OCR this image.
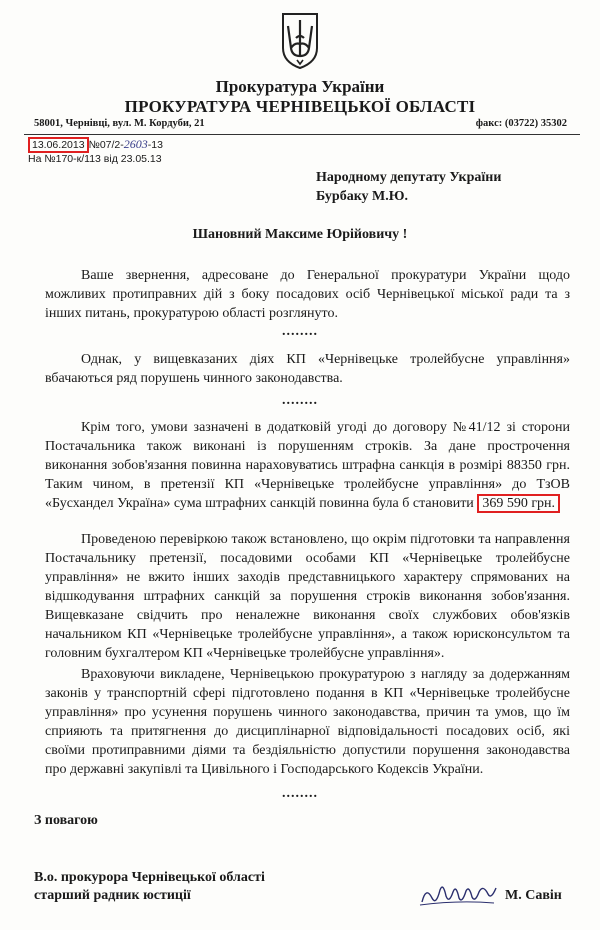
Прокуратура України
ПРОКУРАТУРА ЧЕРНІВЕЦЬКОЇ ОБЛАСТІ
58001, Чернівці, вул. М. Кордуби, 21	факс: (03722) 35302
13.06.2013 №07/2-2603-13
На №170-к/113 від 23.05.13
Народному депутату України
Бурбаку М.Ю.
Шановний Максиме Юрійовичу !
Ваше звернення, адресоване до Генеральної прокуратури України щодо можливих протиправних дій з боку посадових осіб Чернівецької міської ради та з інших питань, прокуратурою області розглянуто.
........
Однак, у вищевказаних діях КП «Чернівецьке тролейбусне управління» вбачаються ряд порушень чинного законодавства.
........
Крім того, умови зазначені в додатковій угоді до договору №41/12 зі сторони Постачальника також виконані із порушенням строків. За дане прострочення виконання зобов'язання повинна нараховуватись штрафна санкція в розмірі 88350 грн. Таким чином, в претензії КП «Чернівецьке тролейбусне управління» до ТзОВ «Бусхандел Україна» сума штрафних санкцій повинна була б становити 369 590 грн.
Проведеною перевіркою також встановлено, що окрім підготовки та направлення Постачальнику претензії, посадовими особами КП «Чернівецьке тролейбусне управління» не вжито інших заходів представницького характеру спрямованих на відшкодування штрафних санкцій за порушення строків виконання зобов'язання. Вищевказане свідчить про неналежне виконання своїх службових обов'язків начальником КП «Чернівецьке тролейбусне управління», а також юрисконсультом та головним бухгалтером КП «Чернівецьке тролейбусне управління».
Враховуючи викладене, Чернівецькою прокуратурою з нагляду за додержанням законів у транспортній сфері підготовлено подання в КП «Чернівецьке тролейбусне управління» про усунення порушень чинного законодавства, причин та умов, що їм сприяють та притягнення до дисциплінарної відповідальності посадових осіб, які своїми протиправними діями та бездіяльністю допустили порушення законодавства про державні закупівлі та Цивільного і Господарського Кодексів України.
........
З повагою
В.о. прокурора Чернівецької області
старший радник юстиції	М. Савін
